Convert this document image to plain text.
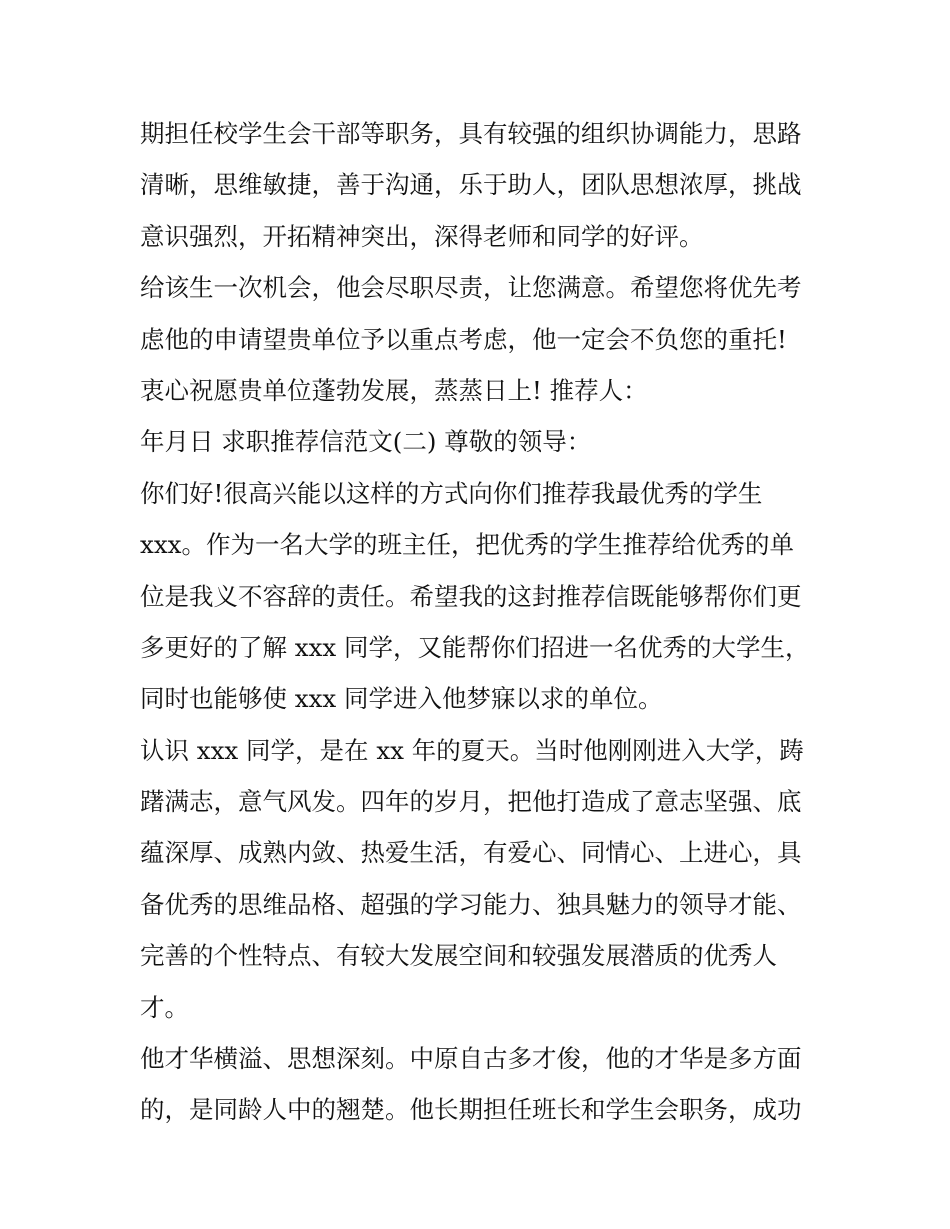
期担任校学生会干部等职务，具有较强的组织协调能力，思路
清晰，思维敏捷，善于沟通，乐于助人，团队思想浓厚，挑战
意识强烈，开拓精神突出，深得老师和同学的好评。
给该生一次机会，他会尽职尽责，让您满意。希望您将优先考
虑他的申请望贵单位予以重点考虑，他一定会不负您的重托!
衷心祝愿贵单位蓬勃发展，蒸蒸日上! 推荐人：
年月日 求职推荐信范文(二) 尊敬的领导：
你们好!很高兴能以这样的方式向你们推荐我最优秀的学生
xxx。作为一名大学的班主任，把优秀的学生推荐给优秀的单
位是我义不容辞的责任。希望我的这封推荐信既能够帮你们更
多更好的了解 xxx 同学，又能帮你们招进一名优秀的大学生，
同时也能够使 xxx 同学进入他梦寐以求的单位。
认识 xxx 同学，是在 xx 年的夏天。当时他刚刚进入大学，踌
躇满志，意气风发。四年的岁月，把他打造成了意志坚强、底
蕴深厚、成熟内敛、热爱生活，有爱心、同情心、上进心，具
备优秀的思维品格、超强的学习能力、独具魅力的领导才能、
完善的个性特点、有较大发展空间和较强发展潜质的优秀人
才。
他才华横溢、思想深刻。中原自古多才俊，他的才华是多方面
的，是同龄人中的翘楚。他长期担任班长和学生会职务，成功
